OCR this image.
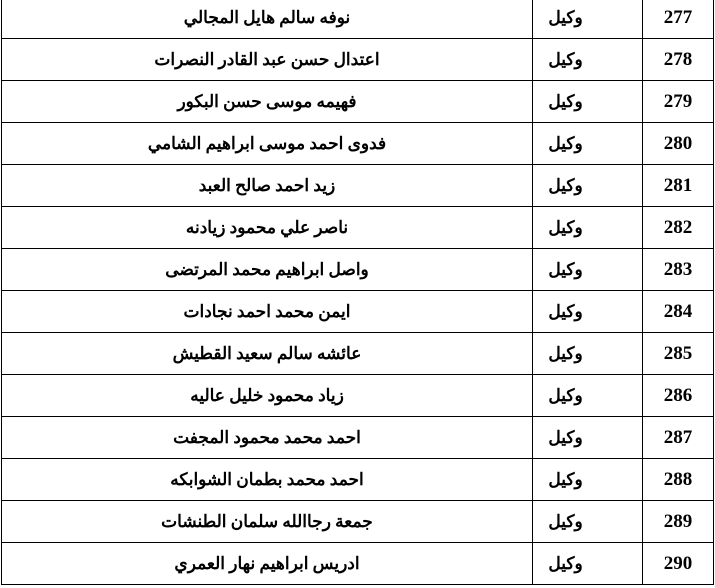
نوفه سالم هايل المجالي	وكيل	277
اعتدال حسن عبد القادر النصرات	وكيل	278
فهيمه موسى حسن البكور	وكيل	279
فدوى احمد موسى ابراهيم الشامي	وكيل	280
زيد احمد صالح العبد	وكيل	281
ناصر علي محمود زيادنه	وكيل	282
واصل ابراهيم محمد المرتضى	وكيل	283
ايمن محمد احمد نجادات	وكيل	284
عائشه سالم سعيد القطيش	وكيل	285
زياد محمود خليل عاليه	وكيل	286
احمد محمد محمود المجفت	وكيل	287
احمد محمد بطمان الشوابكه	وكيل	288
جمعة رجاالله سلمان الطنشات	وكيل	289
ادريس ابراهيم نهار العمري	وكيل	290
